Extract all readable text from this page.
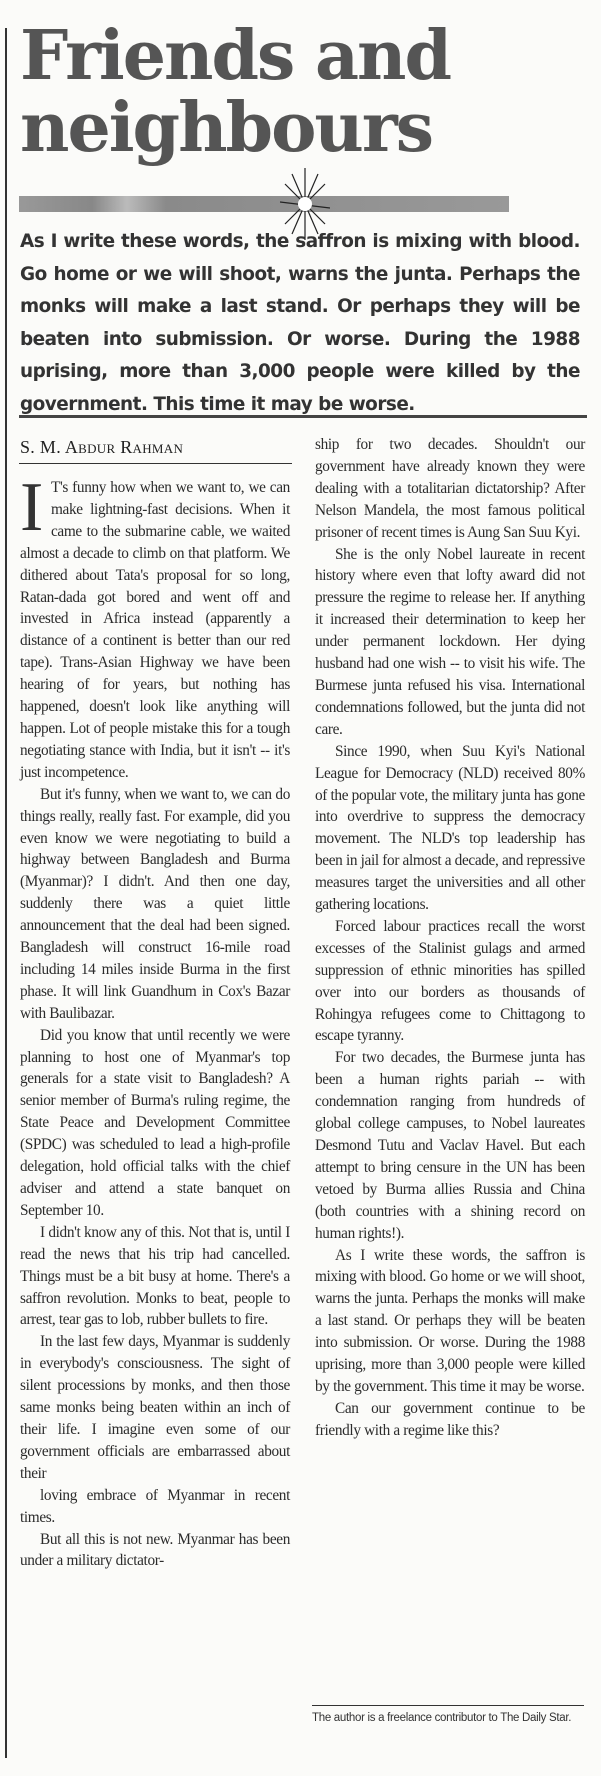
Friends and
neighbours

As I write these words, the saffron is mixing with blood. Go home or we will shoot, warns the junta. Perhaps the monks will make a last stand. Or perhaps they will be beaten into submission. Or worse. During the 1988 uprising, more than 3,000 people were killed by the government. This time it may be worse.

S. M. Abdur Rahman

I T's funny how when we want to, we can make lightning-fast decisions. When it came to the submarine cable, we waited almost a decade to climb on that platform. We dithered about Tata's proposal for so long, Ratan-dada got bored and went off and invested in Africa instead (apparently a distance of a continent is better than our red tape). Trans-Asian Highway we have been hearing of for years, but nothing has happened, doesn't look like anything will happen. Lot of people mistake this for a tough negotiating stance with India, but it isn't -- it's just incompetence.

But it's funny, when we want to, we can do things really, really fast. For example, did you even know we were negotiating to build a highway between Bangladesh and Burma (Myanmar)? I didn't. And then one day, suddenly there was a quiet little announcement that the deal had been signed. Bangladesh will construct 16-mile road including 14 miles inside Burma in the first phase. It will link Guandhum in Cox's Bazar with Baulibazar.

Did you know that until recently we were planning to host one of Myanmar's top generals for a state visit to Bangladesh? A senior member of Burma's ruling regime, the State Peace and Development Committee (SPDC) was scheduled to lead a high-profile delegation, hold official talks with the chief adviser and attend a state banquet on September 10.

I didn't know any of this. Not that is, until I read the news that his trip had cancelled. Things must be a bit busy at home. There's a saffron revolution. Monks to beat, people to arrest, tear gas to lob, rubber bullets to fire.

In the last few days, Myanmar is suddenly in everybody's consciousness. The sight of silent processions by monks, and then those same monks being beaten within an inch of their life. I imagine even some of our government officials are embarrassed about their

loving embrace of Myanmar in recent times.

But all this is not new. Myanmar has been under a military dictator-

ship for two decades. Shouldn't our government have already known they were dealing with a totalitarian dictatorship? After Nelson Mandela, the most famous political prisoner of recent times is Aung San Suu Kyi.

She is the only Nobel laureate in recent history where even that lofty award did not pressure the regime to release her. If anything it increased their determination to keep her under permanent lockdown. Her dying husband had one wish -- to visit his wife. The Burmese junta refused his visa. International condemnations followed, but the junta did not care.

Since 1990, when Suu Kyi's National League for Democracy (NLD) received 80% of the popular vote, the military junta has gone into overdrive to suppress the democracy movement. The NLD's top leadership has been in jail for almost a decade, and repressive measures target the universities and all other gathering locations.

Forced labour practices recall the worst excesses of the Stalinist gulags and armed suppression of ethnic minorities has spilled over into our borders as thousands of Rohingya refugees come to Chittagong to escape tyranny.

For two decades, the Burmese junta has been a human rights pariah -- with condemnation ranging from hundreds of global college campuses, to Nobel laureates Desmond Tutu and Vaclav Havel. But each attempt to bring censure in the UN has been vetoed by Burma allies Russia and China (both countries with a shining record on human rights!).

As I write these words, the saffron is mixing with blood. Go home or we will shoot, warns the junta. Perhaps the monks will make a last stand. Or perhaps they will be beaten into submission. Or worse. During the 1988 uprising, more than 3,000 people were killed by the government. This time it may be worse.

Can our government continue to be friendly with a regime like this?

The author is a freelance contributor to The Daily Star.
